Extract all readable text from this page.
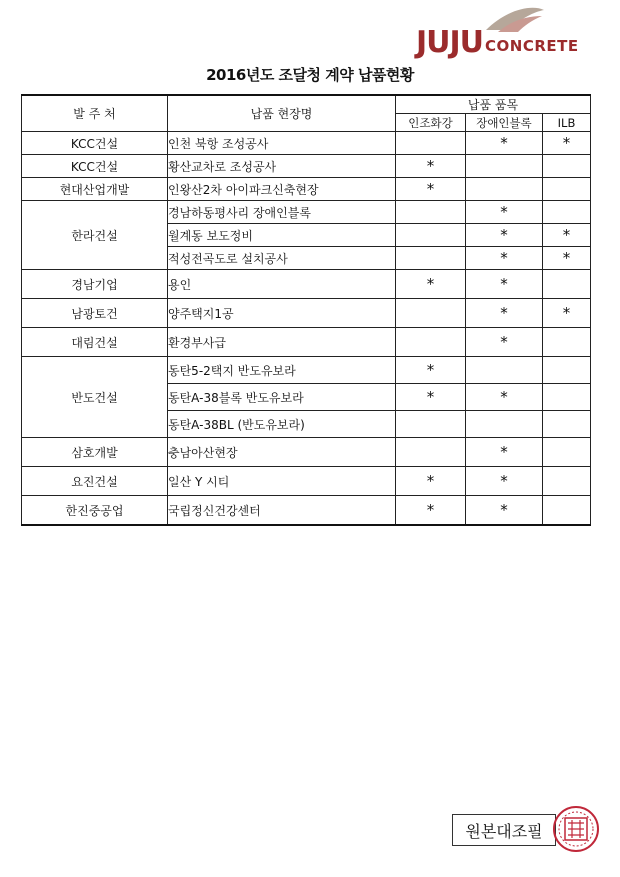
JUJU CONCRETE
2016년도 조달청 계약 납품현황
발 주 처	납품 현장명	납품 품목		
		인조화강	장애인블록	ILB
KCC건설	인천 북항 조성공사		*	*
KCC건설	황산교차로 조성공사	*		
현대산업개발	인왕산2차 아이파크신축현장	*		
한라건설	경남하동평사리 장애인블록		*	
	월계동 보도정비		*	*
	적성전곡도로 설치공사		*	*
경남기업	용인	*	*	
남광토건	양주택지1공		*	*
대림건설	환경부사급		*	
반도건설	동탄5-2택지 반도유보라	*		
	동탄A-38블록 반도유보라	*	*	
	동탄A-38BL (반도유보라)			
삼호개발	충남아산현장		*	
요진건설	일산 Y 시티	*	*	
한진중공업	국립정신건강센터	*	*	
원본대조필
